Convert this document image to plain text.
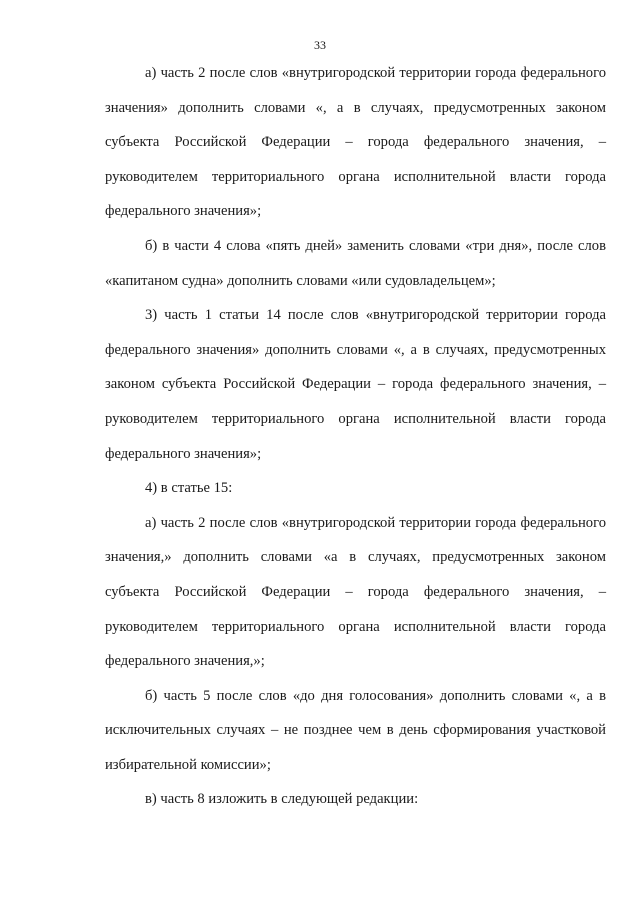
33

а) часть 2 после слов «внутригородской территории города федерального значения» дополнить словами «, а в случаях, предусмотренных законом субъекта Российской Федерации – города федерального значения, – руководителем территориального органа исполнительной власти города федерального значения»;

б) в части 4 слова «пять дней» заменить словами «три дня», после слов «капитаном судна» дополнить словами «или судовладельцем»;

3) часть 1 статьи 14 после слов «внутригородской территории города федерального значения» дополнить словами «, а в случаях, предусмотренных законом субъекта Российской Федерации – города федерального значения, – руководителем территориального органа исполнительной власти города федерального значения»;

4) в статье 15:

а) часть 2 после слов «внутригородской территории города федерального значения,» дополнить словами «а в случаях, предусмотренных законом субъекта Российской Федерации – города федерального значения, – руководителем территориального органа исполнительной власти города федерального значения,»;

б) часть 5 после слов «до дня голосования» дополнить словами «, а в исключительных случаях – не позднее чем в день сформирования участковой избирательной комиссии»;

в) часть 8 изложить в следующей редакции:
